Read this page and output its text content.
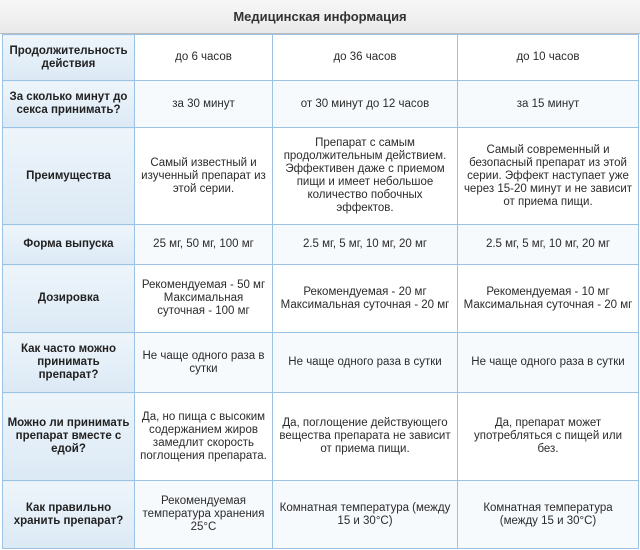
Медицинская информация
Продолжительность действия	до 6 часов	до 36 часов	до 10 часов
За сколько минут до секса принимать?	за 30 минут	от 30 минут до 12 часов	за 15 минут
Преимущества	Самый известный и изученный препарат из этой серии.	Препарат с самым продолжительным действием. Эффективен даже с приемом пищи и имеет небольшое количество побочных эффектов.	Самый современный и безопасный препарат из этой серии. Эффект наступает уже через 15-20 минут и не зависит от приема пищи.
Форма выпуска	25 мг, 50 мг, 100 мг	2.5 мг, 5 мг, 10 мг, 20 мг	2.5 мг, 5 мг, 10 мг, 20 мг
Дозировка	Рекомендуемая - 50 мг Максимальная суточная - 100 мг	Рекомендуемая - 20 мг Максимальная суточная - 20 мг	Рекомендуемая - 10 мг Максимальная суточная - 20 мг
Как часто можно принимать препарат?	Не чаще одного раза в сутки	Не чаще одного раза в сутки	Не чаще одного раза в сутки
Можно ли принимать препарат вместе с едой?	Да, но пища с высоким содержанием жиров замедлит скорость поглощения препарата.	Да, поглощение действующего вещества препарата не зависит от приема пищи.	Да, препарат может употребляться с пищей или без.
Как правильно хранить препарат?	Рекомендуемая температура хранения 25°C	Комнатная температура (между 15 и 30°C)	Комнатная температура (между 15 и 30°C)
